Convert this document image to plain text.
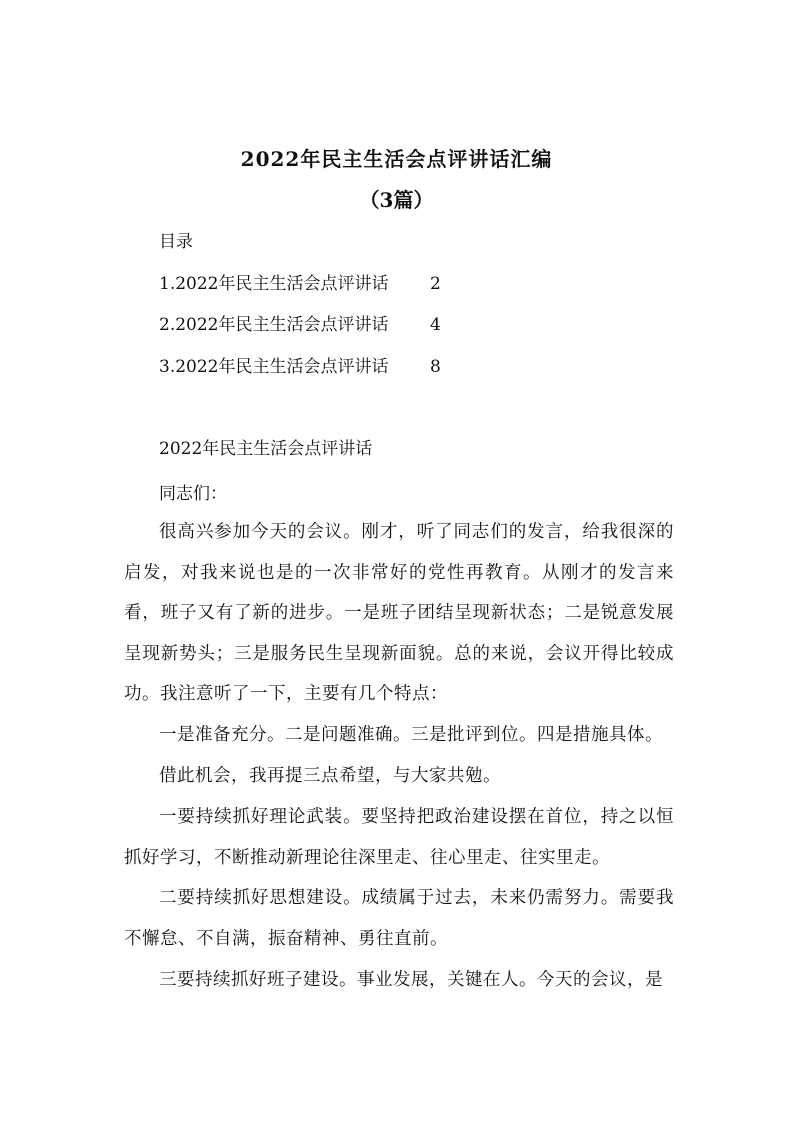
2022年民主生活会点评讲话汇编
（3篇）
目录
1.2022年民主生活会点评讲话 2
2.2022年民主生活会点评讲话 4
3.2022年民主生活会点评讲话 8
2022年民主生活会点评讲话
同志们：
很高兴参加今天的会议。刚才，听了同志们的发言，给我很深的启发，对我来说也是的一次非常好的党性再教育。从刚才的发言来看，班子又有了新的进步。一是班子团结呈现新状态；二是锐意发展呈现新势头；三是服务民生呈现新面貌。总的来说，会议开得比较成功。我注意听了一下，主要有几个特点：
一是准备充分。二是问题准确。三是批评到位。四是措施具体。
借此机会，我再提三点希望，与大家共勉。
一要持续抓好理论武装。要坚持把政治建设摆在首位，持之以恒抓好学习，不断推动新理论往深里走、往心里走、往实里走。
二要持续抓好思想建设。成绩属于过去，未来仍需努力。需要我不懈怠、不自满，振奋精神、勇往直前。
三要持续抓好班子建设。事业发展，关键在人。今天的会议，是
